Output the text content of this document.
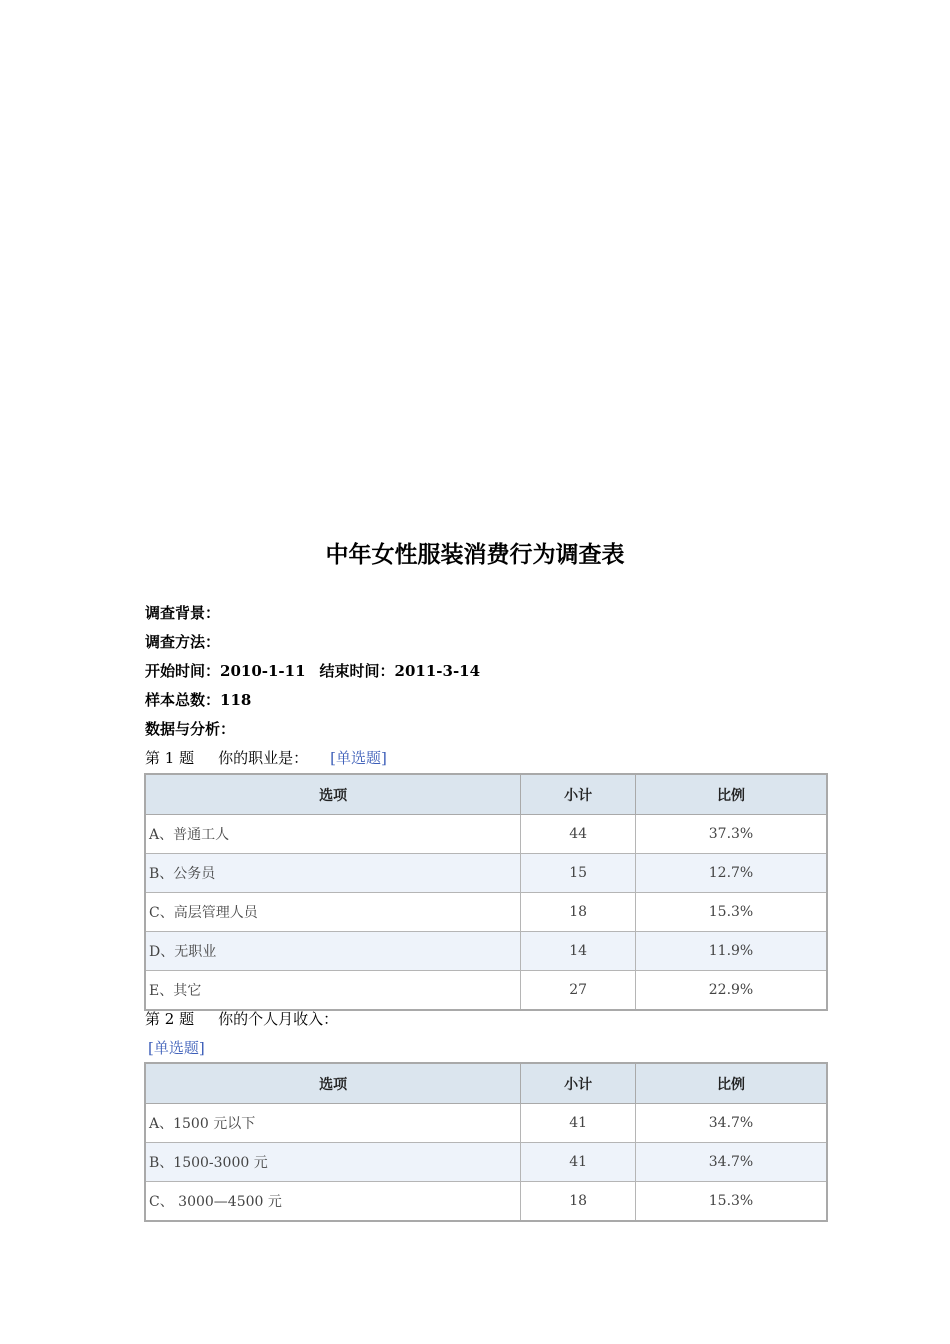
中年女性服装消费行为调查表
调查背景：
调查方法：
开始时间：2010-1-11 结束时间：2011-3-14
样本总数：118
数据与分析：
第 1 题 你的职业是： [单选题]
选项	小计	比例
A、普通工人	44	37.3%
B、公务员	15	12.7%
C、高层管理人员	18	15.3%
D、无职业	14	11.9%
E、其它	27	22.9%
第 2 题 你的个人月收入：
[单选题]
选项	小计	比例
A、1500 元以下	41	34.7%
B、1500-3000 元	41	34.7%
C、 3000—4500 元	18	15.3%
